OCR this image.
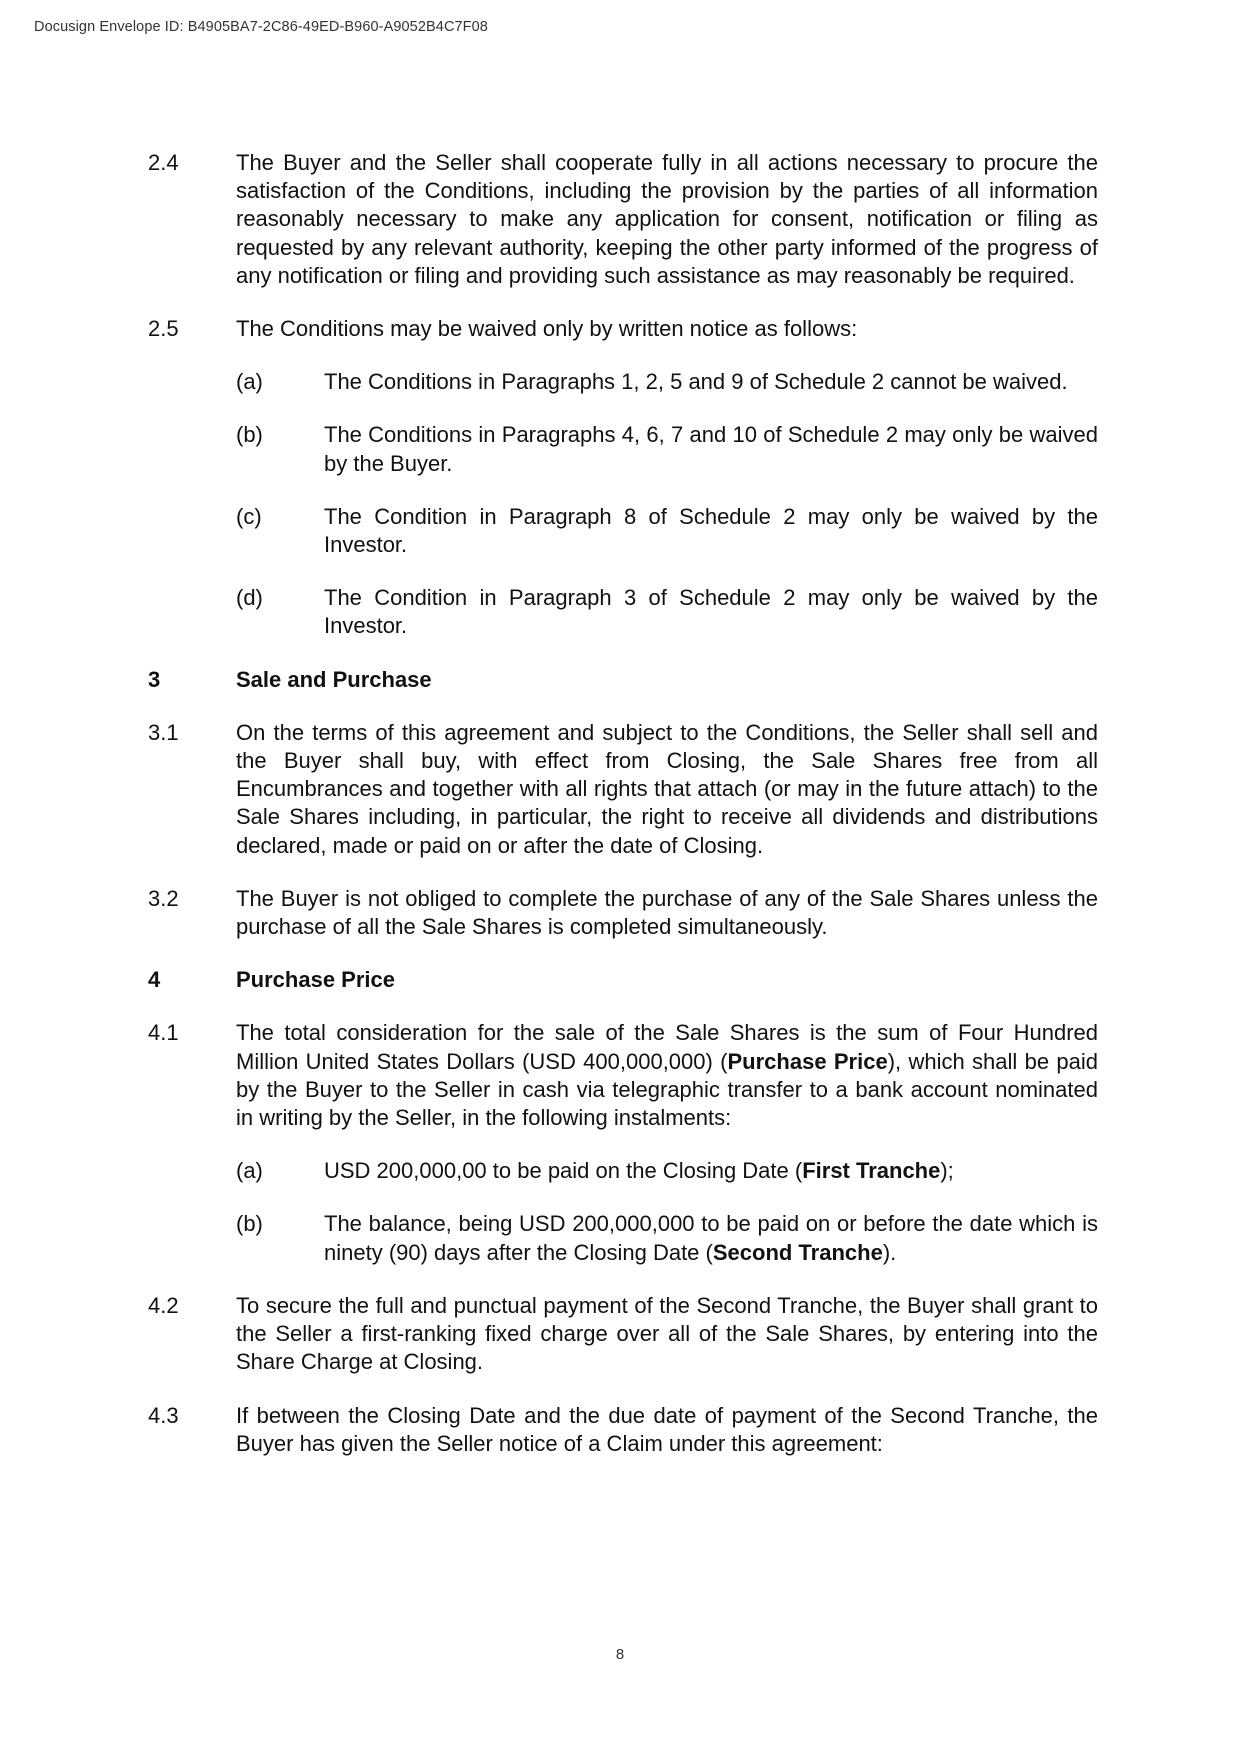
Docusign Envelope ID: B4905BA7-2C86-49ED-B960-A9052B4C7F08
2.4	The Buyer and the Seller shall cooperate fully in all actions necessary to procure the satisfaction of the Conditions, including the provision by the parties of all information reasonably necessary to make any application for consent, notification or filing as requested by any relevant authority, keeping the other party informed of the progress of any notification or filing and providing such assistance as may reasonably be required.
2.5	The Conditions may be waived only by written notice as follows:
(a)	The Conditions in Paragraphs 1, 2, 5 and 9 of Schedule 2 cannot be waived.
(b)	The Conditions in Paragraphs 4, 6, 7 and 10 of Schedule 2 may only be waived by the Buyer.
(c)	The Condition in Paragraph 8 of Schedule 2 may only be waived by the Investor.
(d)	The Condition in Paragraph 3 of Schedule 2 may only be waived by the Investor.
3	Sale and Purchase
3.1	On the terms of this agreement and subject to the Conditions, the Seller shall sell and the Buyer shall buy, with effect from Closing, the Sale Shares free from all Encumbrances and together with all rights that attach (or may in the future attach) to the Sale Shares including, in particular, the right to receive all dividends and distributions declared, made or paid on or after the date of Closing.
3.2	The Buyer is not obliged to complete the purchase of any of the Sale Shares unless the purchase of all the Sale Shares is completed simultaneously.
4	Purchase Price
4.1	The total consideration for the sale of the Sale Shares is the sum of Four Hundred Million United States Dollars (USD 400,000,000) (Purchase Price), which shall be paid by the Buyer to the Seller in cash via telegraphic transfer to a bank account nominated in writing by the Seller, in the following instalments:
(a)	USD 200,000,00 to be paid on the Closing Date (First Tranche);
(b)	The balance, being USD 200,000,000 to be paid on or before the date which is ninety (90) days after the Closing Date (Second Tranche).
4.2	To secure the full and punctual payment of the Second Tranche, the Buyer shall grant to the Seller a first-ranking fixed charge over all of the Sale Shares, by entering into the Share Charge at Closing.
4.3	If between the Closing Date and the due date of payment of the Second Tranche, the Buyer has given the Seller notice of a Claim under this agreement:
8
